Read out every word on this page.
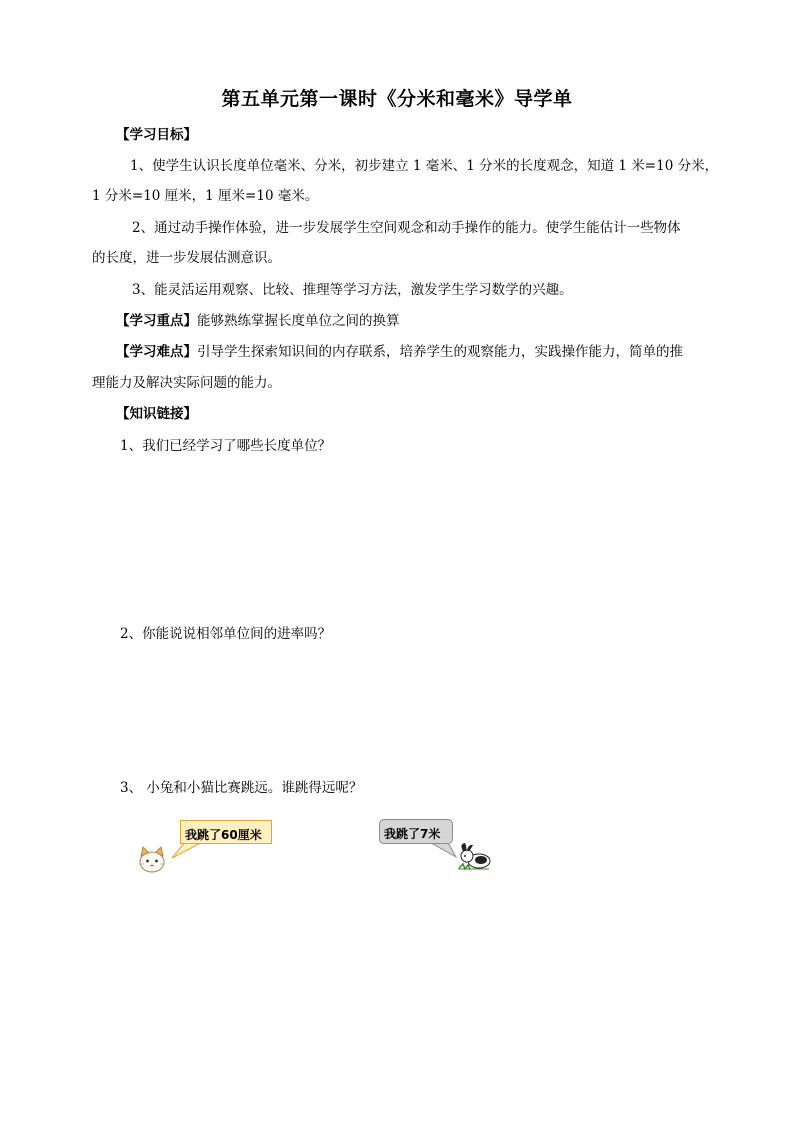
第五单元第一课时《分米和毫米》导学单
【学习目标】
1、使学生认识长度单位毫米、分米，初步建立 1 毫米、1 分米的长度观念，知道 1 米=10 分米，
1 分米=10 厘米，1 厘米=10 毫米。
2、通过动手操作体验，进一步发展学生空间观念和动手操作的能力。使学生能估计一些物体
的长度，进一步发展估测意识。
3、能灵活运用观察、比较、推理等学习方法，激发学生学习数学的兴趣。
【学习重点】能够熟练掌握长度单位之间的换算
【学习难点】引导学生探索知识间的内存联系，培养学生的观察能力，实践操作能力，简单的推
理能力及解决实际问题的能力。
【知识链接】
1、我们已经学习了哪些长度单位？
2、你能说说相邻单位间的进率吗？
3、 小兔和小猫比赛跳远。谁跳得远呢？
我跳了60厘米	我跳了7米
